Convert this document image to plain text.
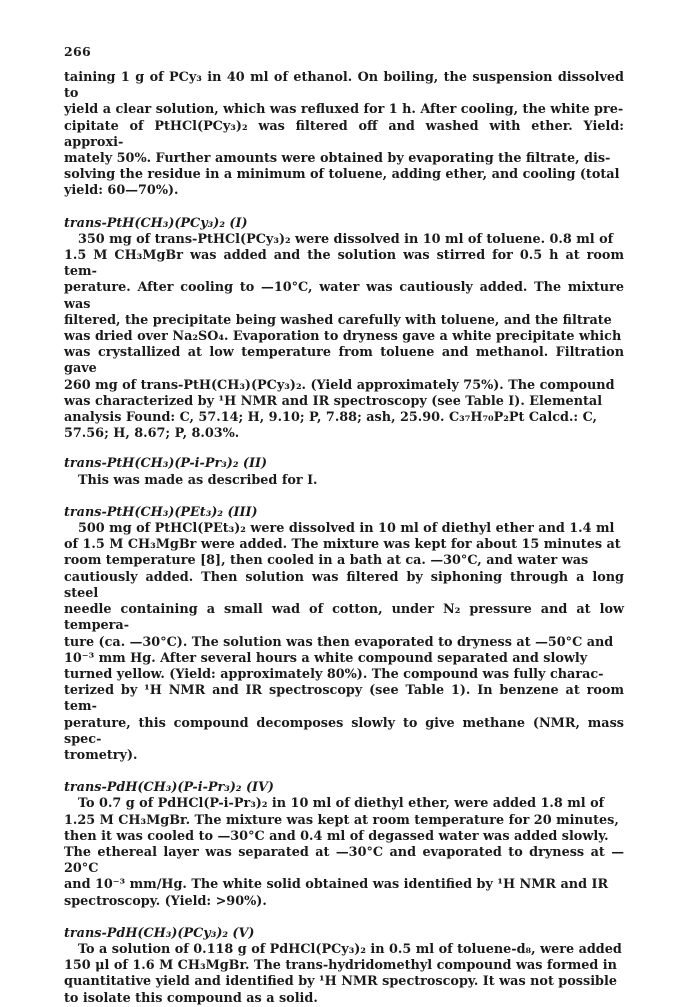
266

taining 1 g of PCy₃ in 40 ml of ethanol. On boiling, the suspension dissolved to
yield a clear solution, which was refluxed for 1 h. After cooling, the white pre-
cipitate of PtHCl(PCy₃)₂ was filtered off and washed with ether. Yield: approxi-
mately 50%. Further amounts were obtained by evaporating the filtrate, dis-
solving the residue in a minimum of toluene, adding ether, and cooling (total
yield: 60—70%).

trans-PtH(CH₃)(PCy₃)₂ (I)

350 mg of trans-PtHCl(PCy₃)₂ were dissolved in 10 ml of toluene. 0.8 ml of
1.5 M CH₃MgBr was added and the solution was stirred for 0.5 h at room tem-
perature. After cooling to —10°C, water was cautiously added. The mixture was
filtered, the precipitate being washed carefully with toluene, and the filtrate
was dried over Na₂SO₄. Evaporation to dryness gave a white precipitate which
was crystallized at low temperature from toluene and methanol. Filtration gave
260 mg of trans-PtH(CH₃)(PCy₃)₂. (Yield approximately 75%). The compound
was characterized by ¹H NMR and IR spectroscopy (see Table I). Elemental
analysis Found: C, 57.14; H, 9.10; P, 7.88; ash, 25.90. C₃₇H₇₀P₂Pt Calcd.: C,
57.56; H, 8.67; P, 8.03%.

trans-PtH(CH₃)(P-i-Pr₃)₂ (II)

This was made as described for I.

trans-PtH(CH₃)(PEt₃)₂ (III)

500 mg of PtHCl(PEt₃)₂ were dissolved in 10 ml of diethyl ether and 1.4 ml
of 1.5 M CH₃MgBr were added. The mixture was kept for about 15 minutes at
room temperature [8], then cooled in a bath at ca. —30°C, and water was
cautiously added. Then solution was filtered by siphoning through a long steel
needle containing a small wad of cotton, under N₂ pressure and at low tempera-
ture (ca. —30°C). The solution was then evaporated to dryness at —50°C and
10⁻³ mm Hg. After several hours a white compound separated and slowly
turned yellow. (Yield: approximately 80%). The compound was fully charac-
terized by ¹H NMR and IR spectroscopy (see Table 1). In benzene at room tem-
perature, this compound decomposes slowly to give methane (NMR, mass spec-
trometry).

trans-PdH(CH₃)(P-i-Pr₃)₂ (IV)

To 0.7 g of PdHCl(P-i-Pr₃)₂ in 10 ml of diethyl ether, were added 1.8 ml of
1.25 M CH₃MgBr. The mixture was kept at room temperature for 20 minutes,
then it was cooled to —30°C and 0.4 ml of degassed water was added slowly.
The ethereal layer was separated at —30°C and evaporated to dryness at —20°C
and 10⁻³ mm/Hg. The white solid obtained was identified by ¹H NMR and IR
spectroscopy. (Yield: >90%).

trans-PdH(CH₃)(PCy₃)₂ (V)

To a solution of 0.118 g of PdHCl(PCy₃)₂ in 0.5 ml of toluene-d₈, were added
150 μl of 1.6 M CH₃MgBr. The trans-hydridomethyl compound was formed in
quantitative yield and identified by ¹H NMR spectroscopy. It was not possible
to isolate this compound as a solid.
